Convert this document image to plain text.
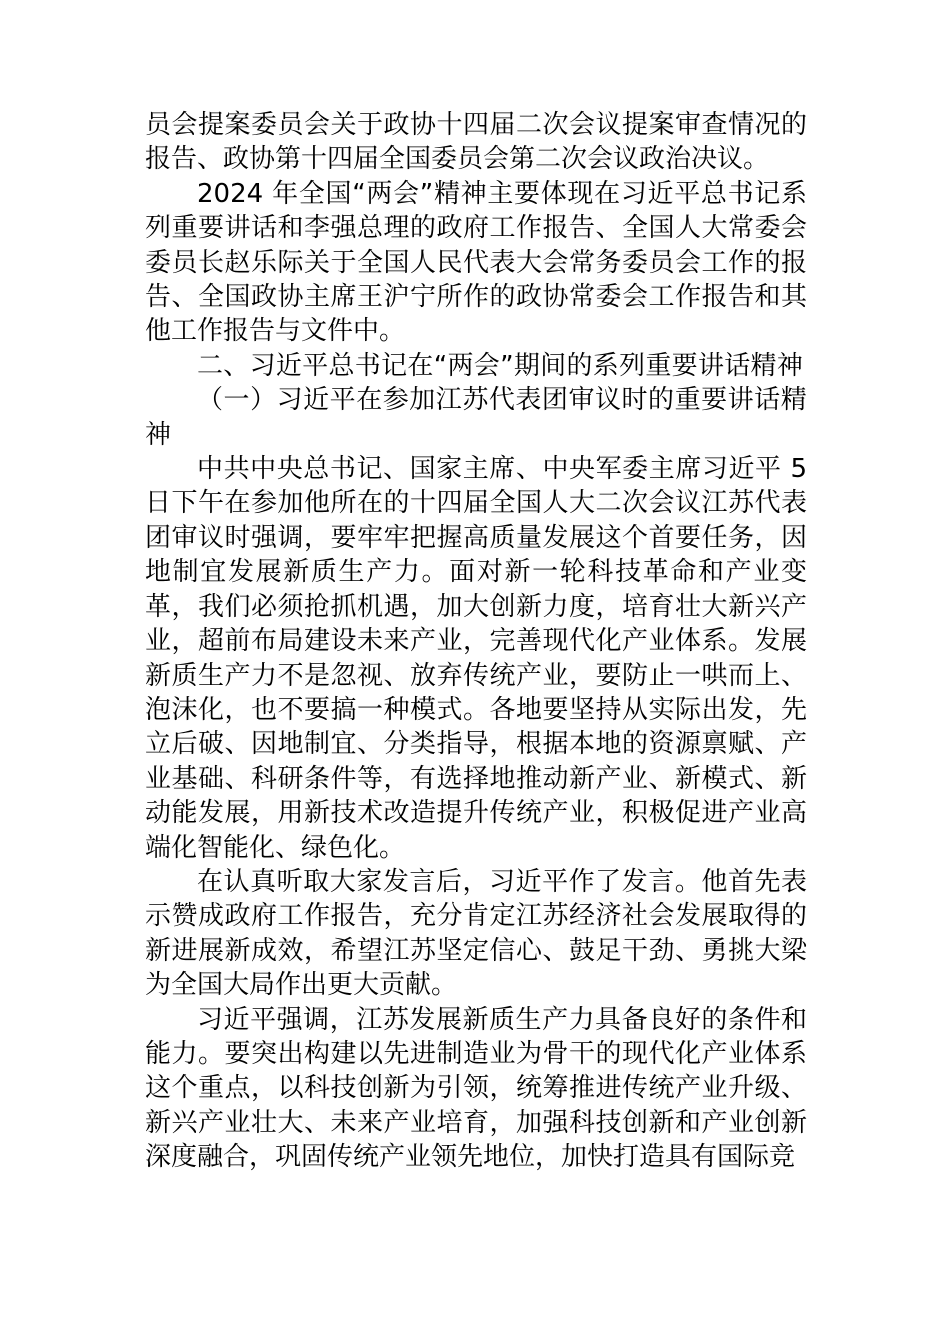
员会提案委员会关于政协十四届二次会议提案审查情况的报告、政协第十四届全国委员会第二次会议政治决议。

2024 年全国“两会”精神主要体现在习近平总书记系列重要讲话和李强总理的政府工作报告、全国人大常委会委员长赵乐际关于全国人民代表大会常务委员会工作的报告、全国政协主席王沪宁所作的政协常委会工作报告和其他工作报告与文件中。

二、习近平总书记在“两会”期间的系列重要讲话精神

（一）习近平在参加江苏代表团审议时的重要讲话精神

中共中央总书记、国家主席、中央军委主席习近平 5 日下午在参加他所在的十四届全国人大二次会议江苏代表团审议时强调，要牢牢把握高质量发展这个首要任务，因地制宜发展新质生产力。面对新一轮科技革命和产业变革，我们必须抢抓机遇，加大创新力度，培育壮大新兴产业，超前布局建设未来产业，完善现代化产业体系。发展新质生产力不是忽视、放弃传统产业，要防止一哄而上、泡沫化，也不要搞一种模式。各地要坚持从实际出发，先立后破、因地制宜、分类指导，根据本地的资源禀赋、产业基础、科研条件等，有选择地推动新产业、新模式、新动能发展，用新技术改造提升传统产业，积极促进产业高端化智能化、绿色化。

在认真听取大家发言后，习近平作了发言。他首先表示赞成政府工作报告，充分肯定江苏经济社会发展取得的新进展新成效，希望江苏坚定信心、鼓足干劲、勇挑大梁为全国大局作出更大贡献。

习近平强调，江苏发展新质生产力具备良好的条件和能力。要突出构建以先进制造业为骨干的现代化产业体系这个重点，以科技创新为引领，统筹推进传统产业升级、新兴产业壮大、未来产业培育，加强科技创新和产业创新深度融合，巩固传统产业领先地位，加快打造具有国际竞
